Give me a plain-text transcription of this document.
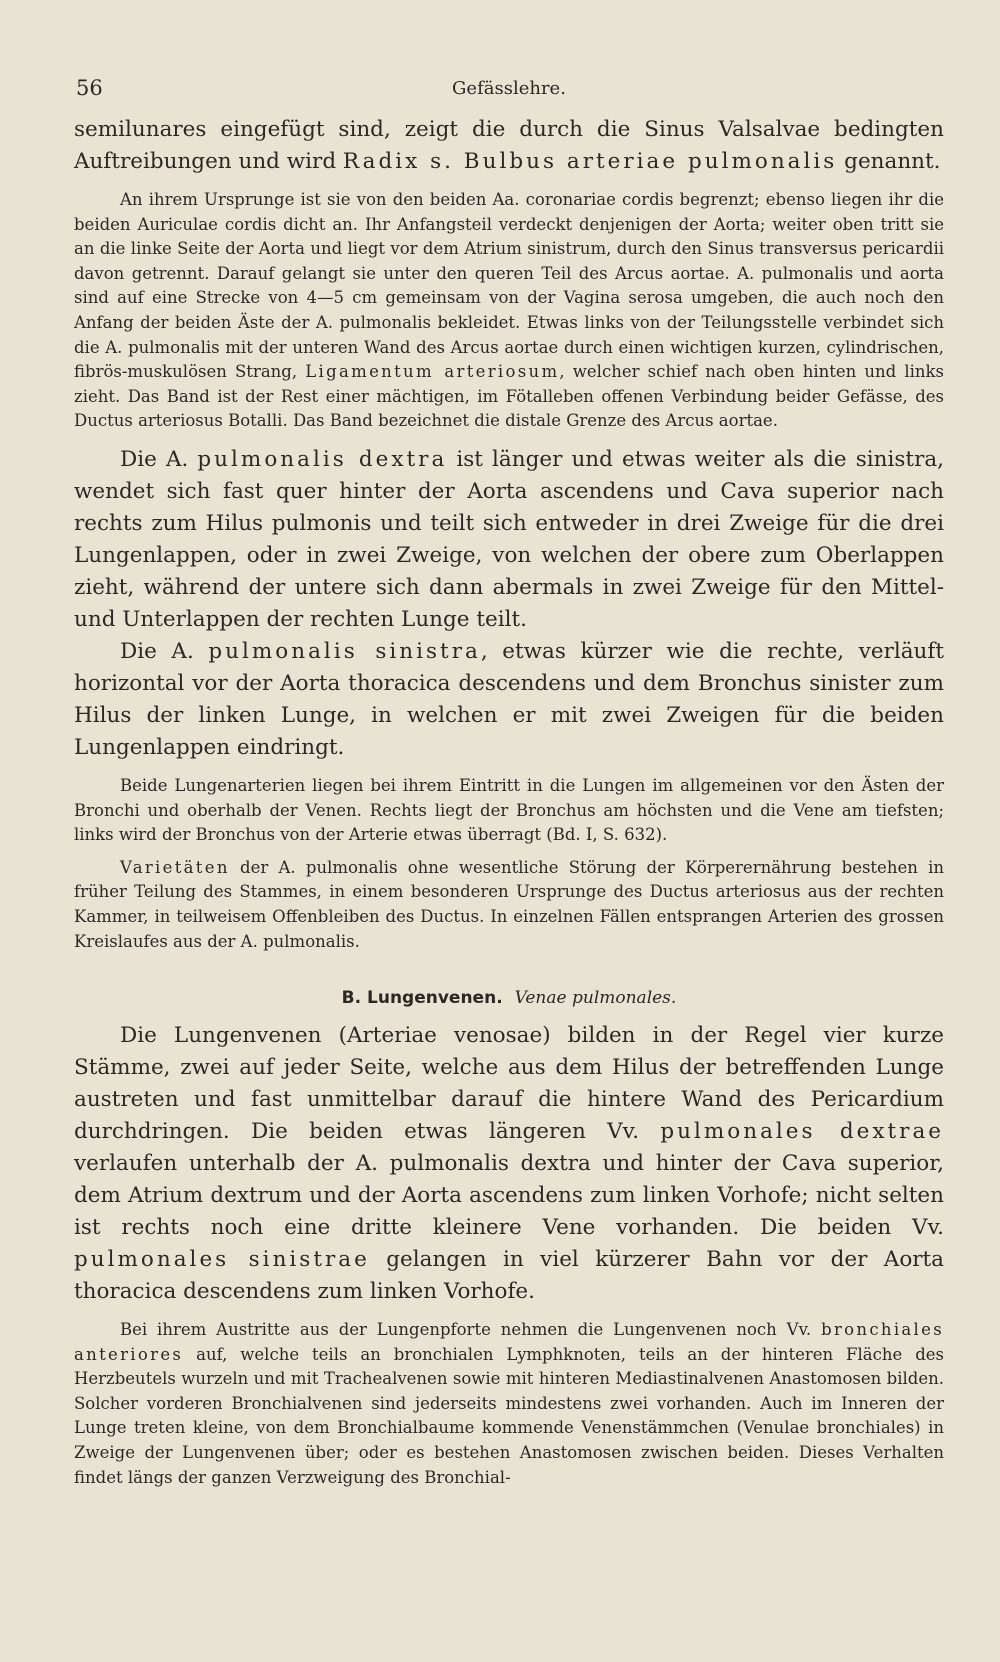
56	Gefässlehre.

semilunares eingefügt sind, zeigt die durch die Sinus Valsalvae bedingten Auftreibungen und wird Radix s. Bulbus arteriae pulmonalis genannt.

An ihrem Ursprunge ist sie von den beiden Aa. coronariae cordis begrenzt; ebenso liegen ihr die beiden Auriculae cordis dicht an. Ihr Anfangsteil verdeckt denjenigen der Aorta; weiter oben tritt sie an die linke Seite der Aorta und liegt vor dem Atrium sinistrum, durch den Sinus transversus pericardii davon getrennt. Darauf gelangt sie unter den queren Teil des Arcus aortae. A. pulmonalis und aorta sind auf eine Strecke von 4—5 cm gemeinsam von der Vagina serosa umgeben, die auch noch den Anfang der beiden Äste der A. pulmonalis bekleidet. Etwas links von der Teilungsstelle verbindet sich die A. pulmonalis mit der unteren Wand des Arcus aortae durch einen wichtigen kurzen, cylindrischen, fibrös-muskulösen Strang, Ligamentum arteriosum, welcher schief nach oben hinten und links zieht. Das Band ist der Rest einer mächtigen, im Fötalleben offenen Verbindung beider Gefässe, des Ductus arteriosus Botalli. Das Band bezeichnet die distale Grenze des Arcus aortae.

Die A. pulmonalis dextra ist länger und etwas weiter als die sinistra, wendet sich fast quer hinter der Aorta ascendens und Cava superior nach rechts zum Hilus pulmonis und teilt sich entweder in drei Zweige für die drei Lungenlappen, oder in zwei Zweige, von welchen der obere zum Oberlappen zieht, während der untere sich dann abermals in zwei Zweige für den Mittel- und Unterlappen der rechten Lunge teilt.

Die A. pulmonalis sinistra, etwas kürzer wie die rechte, verläuft horizontal vor der Aorta thoracica descendens und dem Bronchus sinister zum Hilus der linken Lunge, in welchen er mit zwei Zweigen für die beiden Lungenlappen eindringt.

Beide Lungenarterien liegen bei ihrem Eintritt in die Lungen im allgemeinen vor den Ästen der Bronchi und oberhalb der Venen. Rechts liegt der Bronchus am höchsten und die Vene am tiefsten; links wird der Bronchus von der Arterie etwas überragt (Bd. I, S. 632).

Varietäten der A. pulmonalis ohne wesentliche Störung der Körperernährung bestehen in früher Teilung des Stammes, in einem besonderen Ursprunge des Ductus arteriosus aus der rechten Kammer, in teilweisem Offenbleiben des Ductus. In einzelnen Fällen entsprangen Arterien des grossen Kreislaufes aus der A. pulmonalis.

B. Lungenvenen. Venae pulmonales.

Die Lungenvenen (Arteriae venosae) bilden in der Regel vier kurze Stämme, zwei auf jeder Seite, welche aus dem Hilus der betreffenden Lunge austreten und fast unmittelbar darauf die hintere Wand des Pericardium durchdringen. Die beiden etwas längeren Vv. pulmonales dextrae verlaufen unterhalb der A. pulmonalis dextra und hinter der Cava superior, dem Atrium dextrum und der Aorta ascendens zum linken Vorhofe; nicht selten ist rechts noch eine dritte kleinere Vene vorhanden. Die beiden Vv. pulmonales sinistrae gelangen in viel kürzerer Bahn vor der Aorta thoracica descendens zum linken Vorhofe.

Bei ihrem Austritte aus der Lungenpforte nehmen die Lungenvenen noch Vv. bronchiales anteriores auf, welche teils an bronchialen Lymphknoten, teils an der hinteren Fläche des Herzbeutels wurzeln und mit Trachealvenen sowie mit hinteren Mediastinalvenen Anastomosen bilden. Solcher vorderen Bronchialvenen sind jederseits mindestens zwei vorhanden. Auch im Inneren der Lunge treten kleine, von dem Bronchialbaume kommende Venenstämmchen (Venulae bronchiales) in Zweige der Lungenvenen über; oder es bestehen Anastomosen zwischen beiden. Dieses Verhalten findet längs der ganzen Verzweigung des Bronchial-
